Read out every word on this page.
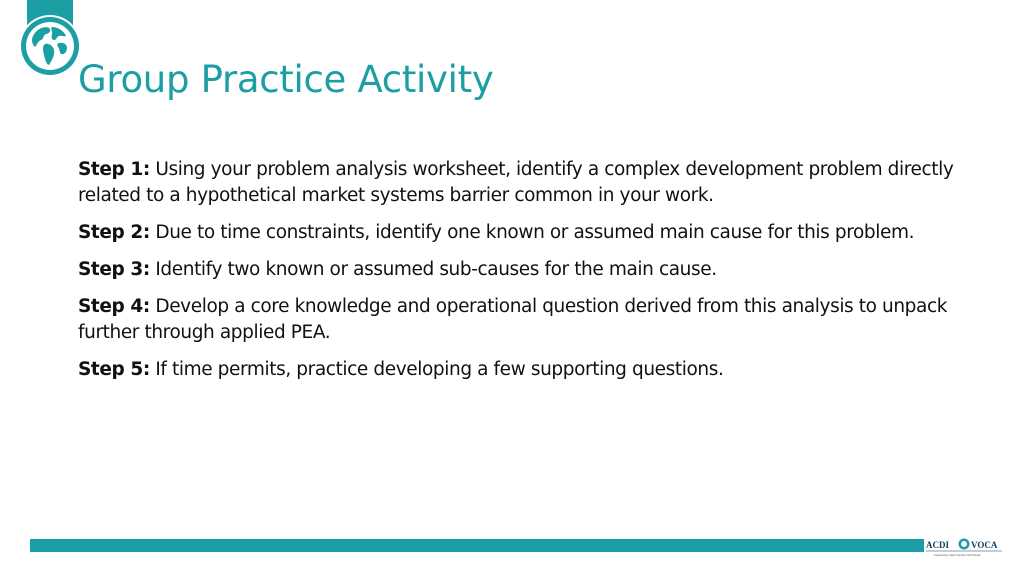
Group Practice Activity
Step 1: Using your problem analysis worksheet, identify a complex development problem directly related to a hypothetical market systems barrier common in your work.
Step 2: Due to time constraints, identify one known or assumed main cause for this problem.
Step 3: Identify two known or assumed sub-causes for the main cause.
Step 4: Develop a core knowledge and operational question derived from this analysis to unpack further through applied PEA.
Step 5: If time permits, practice developing a few supporting questions.
ACDI VOCA
Expanding Opportunities Worldwide
